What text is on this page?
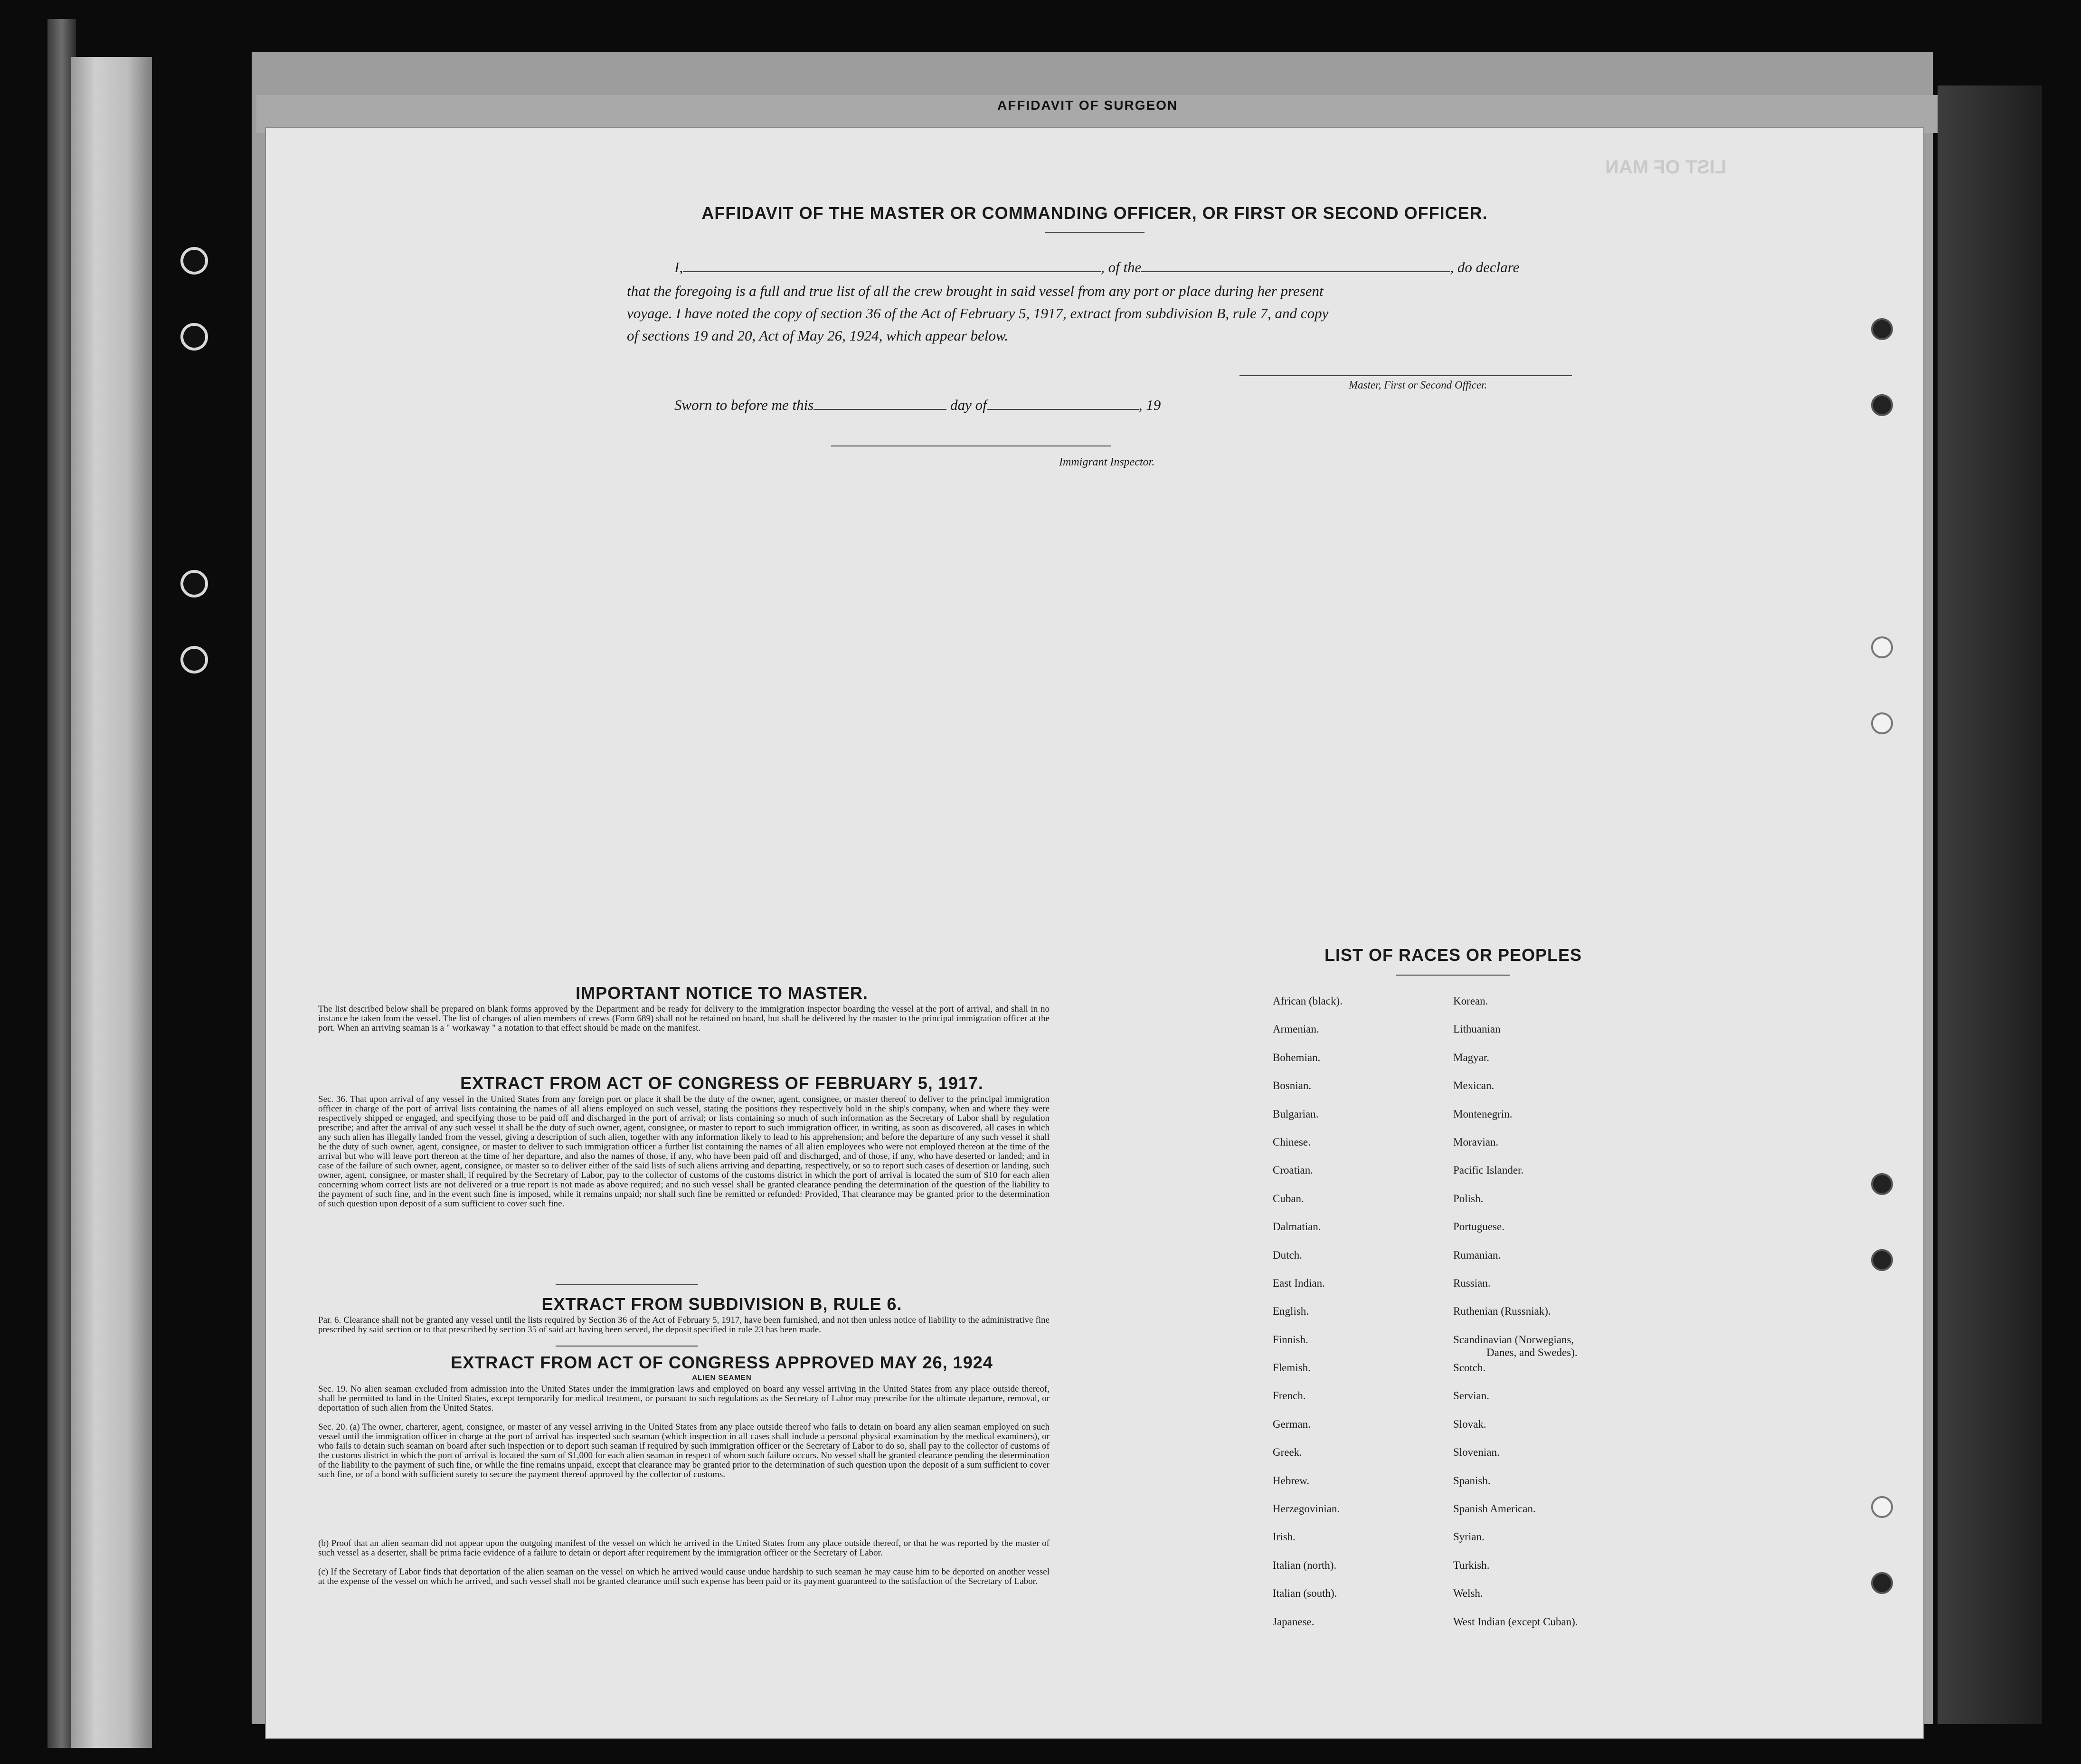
AFFIDAVIT OF SURGEON
LIST OF MAN
AFFIDAVIT OF THE MASTER OR COMMANDING OFFICER, OR FIRST OR SECOND OFFICER.
I,	, of the	, do declare
that the foregoing is a full and true list of all the crew brought in said vessel from any port or place during her present
voyage. I have noted the copy of section 36 of the Act of February 5, 1917, extract from subdivision B, rule 7, and copy
of sections 19 and 20, Act of May 26, 1924, which appear below.
Master, First or Second Officer.
Sworn to before me this	day of	, 19
Immigrant Inspector.
IMPORTANT NOTICE TO MASTER.
The list described below shall be prepared on blank forms approved by the Department and be ready for delivery to the immigration inspector boarding the vessel at the port of arrival, and shall in no instance be taken from the vessel. The list of changes of alien members of crews (Form 689) shall not be retained on board, but shall be delivered by the master to the principal immigration officer at the port. When an arriving seaman is a " workaway " a notation to that effect should be made on the manifest.
EXTRACT FROM ACT OF CONGRESS OF FEBRUARY 5, 1917.
Sec. 36. That upon arrival of any vessel in the United States from any foreign port or place it shall be the duty of the owner, agent, consignee, or master thereof to deliver to the principal immigration officer in charge of the port of arrival lists containing the names of all aliens employed on such vessel, stating the positions they respectively hold in the ship's company, when and where they were respectively shipped or engaged, and specifying those to be paid off and discharged in the port of arrival; or lists containing so much of such information as the Secretary of Labor shall by regulation prescribe; and after the arrival of any such vessel it shall be the duty of such owner, agent, consignee, or master to report to such immigration officer, in writing, as soon as discovered, all cases in which any such alien has illegally landed from the vessel, giving a description of such alien, together with any information likely to lead to his apprehension; and before the departure of any such vessel it shall be the duty of such owner, agent, consignee, or master to deliver to such immigration officer a further list containing the names of all alien employees who were not employed thereon at the time of the arrival but who will leave port thereon at the time of her departure, and also the names of those, if any, who have been paid off and discharged, and of those, if any, who have deserted or landed; and in case of the failure of such owner, agent, consignee, or master so to deliver either of the said lists of such aliens arriving and departing, respectively, or so to report such cases of desertion or landing, such owner, agent, consignee, or master shall, if required by the Secretary of Labor, pay to the collector of customs of the customs district in which the port of arrival is located the sum of $10 for each alien concerning whom correct lists are not delivered or a true report is not made as above required; and no such vessel shall be granted clearance pending the determination of the question of the liability to the payment of such fine, and in the event such fine is imposed, while it remains unpaid; nor shall such fine be remitted or refunded: Provided, That clearance may be granted prior to the determination of such question upon deposit of a sum sufficient to cover such fine.
EXTRACT FROM SUBDIVISION B, RULE 6.
Par. 6. Clearance shall not be granted any vessel until the lists required by Section 36 of the Act of February 5, 1917, have been furnished, and not then unless notice of liability to the administrative fine prescribed by said section or to that prescribed by section 35 of said act having been served, the deposit specified in rule 23 has been made.
EXTRACT FROM ACT OF CONGRESS APPROVED MAY 26, 1924
ALIEN SEAMEN
Sec. 19. No alien seaman excluded from admission into the United States under the immigration laws and employed on board any vessel arriving in the United States from any place outside thereof, shall be permitted to land in the United States, except temporarily for medical treatment, or pursuant to such regulations as the Secretary of Labor may prescribe for the ultimate departure, removal, or deportation of such alien from the United States.
Sec. 20. (a) The owner, charterer, agent, consignee, or master of any vessel arriving in the United States from any place outside thereof who fails to detain on board any alien seaman employed on such vessel until the immigration officer in charge at the port of arrival has inspected such seaman (which inspection in all cases shall include a personal physical examination by the medical examiners), or who fails to detain such seaman on board after such inspection or to deport such seaman if required by such immigration officer or the Secretary of Labor to do so, shall pay to the collector of customs of the customs district in which the port of arrival is located the sum of $1,000 for each alien seaman in respect of whom such failure occurs. No vessel shall be granted clearance pending the determination of the liability to the payment of such fine, or while the fine remains unpaid, except that clearance may be granted prior to the determination of such question upon the deposit of a sum sufficient to cover such fine, or of a bond with sufficient surety to secure the payment thereof approved by the collector of customs.
(b) Proof that an alien seaman did not appear upon the outgoing manifest of the vessel on which he arrived in the United States from any place outside thereof, or that he was reported by the master of such vessel as a deserter, shall be prima facie evidence of a failure to detain or deport after requirement by the immigration officer or the Secretary of Labor.
(c) If the Secretary of Labor finds that deportation of the alien seaman on the vessel on which he arrived would cause undue hardship to such seaman he may cause him to be deported on another vessel at the expense of the vessel on which he arrived, and such vessel shall not be granted clearance until such expense has been paid or its payment guaranteed to the satisfaction of the Secretary of Labor.
LIST OF RACES OR PEOPLES
African (black).
Armenian.
Bohemian.
Bosnian.
Bulgarian.
Chinese.
Croatian.
Cuban.
Dalmatian.
Dutch.
East Indian.
English.
Finnish.
Flemish.
French.
German.
Greek.
Hebrew.
Herzegovinian.
Irish.
Italian (north).
Italian (south).
Japanese.
Korean.
Lithuanian
Magyar.
Mexican.
Montenegrin.
Moravian.
Pacific Islander.
Polish.
Portuguese.
Rumanian.
Russian.
Ruthenian (Russniak).
Scandinavian (Norwegians,
Scotch.
Servian.
Slovak.
Slovenian.
Spanish.
Spanish American.
Syrian.
Turkish.
Welsh.
West Indian (except Cuban).
Danes, and Swedes).
